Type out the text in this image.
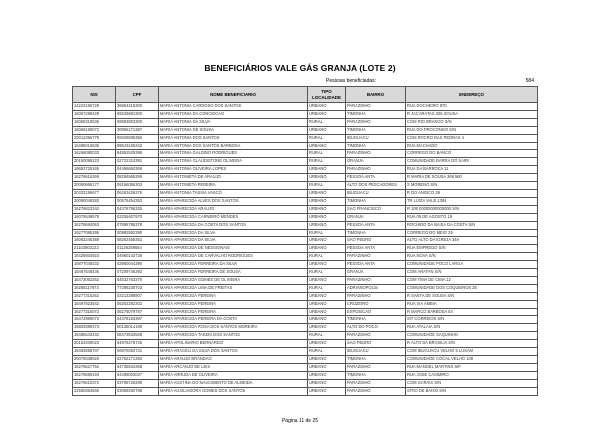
BENEFICIÁRIOS VALE GÁS GRANJA (LOTE 2)
Pessoas beneficiadas:	584
NIS	CPF	NOME BENEFICIARIO	TIPO LOCALIDADE	BAIRRO	ENDEREÇO
14223156729	36864415300	MARIA ANTONIA CARDOSO DOS SANTOS	URBANO	PARAZINHO	RUA DOCHEIRO 970
16067288428	69225681300	MARIA ANTONIA DA CONCEICAO	URBANO	TIMONHA	R JACARATAS 326 SOUSA
16066315536	59992803300	MARIA ANTONIA DA SILVA	RURAL	PARAZINHO	COM RIO BRANCO S/N
16066158072	30866171387	MARIA ANTONIA DE SOUSA	URBANO	TIMONHA	RUA DO PROCONGO S/N
20012356779	09326596350	MARIA ANTONIA DOS SANTOS	RURAL	IBUGUACU	COM ROCRO DAS PEDRAS 4
16496016635	99543165342	MARIA ANTONIA DOS SANTOS BARBOSA	URBANO	TIMONHA	RUA MACHADO
16266080033	84952529395	MARIA ANTONIA GALDINO RODRIGUES	RURAL	PARAZINHO	CORREGO DO BANCO
20160099223	02722324391	MARIA ANTONIA GLAUDISTONE OLIVEIRA	RURAL	GRANJA	COMUNIDADE BARRA DO SAIRI
16652725165	04466660366	MARIA ANTONIA OLIVEIRA LOPES	URBANO	PARAZINHO	RUA DA BARROCA 11
16276616269	08294565359	MARIA ANTONIETA DE ARAUJO	URBANO	PESSOA ANTA	R MARIA DE SOUSA 369 560
20050666177	09166056303	MARIA ANTONIETA PEREIRA	RURAL	ALTO DOS PESCADORES	S MORENO S/N
20332159677	06263426376	MARIA ANTONIA TASSIA VASCO	URBANO	IBUGUACU	R DO ANGICO 36
20080048283	00575454353	MARIA APARECIDA ALVES DOS SANTOS	URBANO	TIMONHA	TR LUIZA VALE 1384
16276823242	04376786325	MARIA APARECIDA ARAUJO	URBANO	SAO FRANCISCO	R 106 00000000000000 S/N
16075548578	02336407970	MARIA APARECIDA CARNEIRO MENDES	URBANO	GRANJA	RUA 05 DE AGOSTO 19
16278684063	07898786378	MARIA APARECIDA DA COSTA DOS SANTOS	URBANO	PESSOA ANTA	ROCHIDO DA BAIXA DA COSTA S/N
16277085295	00882592390	MARIA APARECIDA DA SILVA	RURAL	TIMONHA	CORREGO DO MEIO 25
16062246359	08262458353	MARIA APARECIDA DA SILVA	URBANO	SAO PEDRO	ALTO ALTO DA IGREJA 349
21103803123	01126259554	MARIA APARECIDA DE NESSIONAIS	URBANO	PESSOA ANTA	RUA EMPREGO S/N
16426934923	04960143736	MARIA APARECIDA DE CARVALHO RODRIGUES	RURAL	PARAZINHO	RUA NOVA S/N
16877048332	02960044390	MARIA APARECIDA FERREIRA DA SILVA	URBANO	PESSOA ANTA	COMUNIDADE POCO LARGA
16487548436	07209746393	MARIA APARECIDA FERREIRA DE SOUSA	RURAL	GRANJA	COM ARATAN S/N
16473062262	04632763376	MARIA APARECIDA GOMES DE OLIVEIRA	URBANO	PARAZINHO	COM TIMA DE CIMA 12
16288117873	77396238703	MARIA APARECIDA LIMA DE FREITAS	RURAL	ADRIANOPOLIS	COMUNIDADE DOS COQUEIROS 25
16277316262	02213288907	MARIA APARECIDA PEREIRA	URBANO	PARAZINHO	R SANTA DE SOUSA S/N
16497823542	06252282302	MARIA APARECIDA PEREIRA	URBANO	CRUZEIRO	RUA VIA AMBIA
16277316073	06275079787	MARIA APARECIDA PEREIRA	URBANO	EXPOSICAO	R MARCO BARBOSA 54
16472969073	04378193397	MARIA APARECIDA PEREIRA DA COSTA	URBANO	TIMONHA	SIT CORREIOS S/N
16803399373	00135014199	MARIA APARECIDA ROSA DOS SANTOS MOREIRA	URBANO	ALTO DO POCO	RUA ATALAIA S/N
16486643432	08473533928	MARIA APARECIDA TAKEKI DOS SANTOS	RURAL	PARAZINHO	COMUNIDADE SAQUINHO
20163409023	04976478726	MARIA APOLINARIO BERNARDO	URBANO	SAO PEDRO	R ALTO DA BRASILIA S/N
16482558707	06970362731	MARIA ARACELI DA SILVA DOS SANTOS	RURAL	IBUGUACU	COM IBUGUACU VELHO 5 LUSAM
20075038920	02762171393	MARIA ARAUJO BRANDAO	URBANO	TIMONHA	COMUNIDADE COCAL VELHO 109
16276627762	04736534358	MARIA ARCANJO DE LEIS	URBANO	PARAZINHO	RUA MANOEL MARTINS SIP
16276669193	04495003027	MARIA ARRUDA DE OLIVEIRA	URBANO	TIMONHA	RUA JOSE CASIMIRO
16276610372	03796726299	MARIA AUSTINA DO NASCIMENTO DE ALMEIDA	URBANO	PARAZINHO	COM GARAIS S/N
22550364840	03059292788	MARIA AUXILIADORA GOMES DOS SANTOS	URBANO	PARAZINHO	SITIO DE BAIXO S/N
Página 11 de 25
